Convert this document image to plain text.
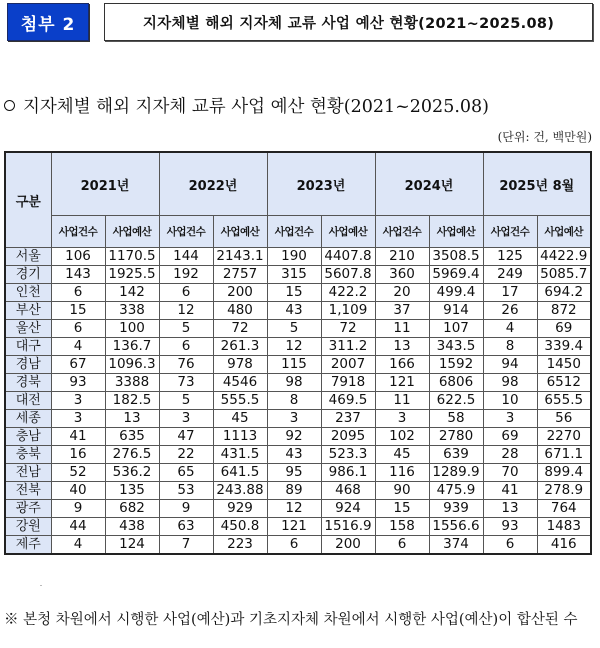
첨부 2	지자체별 해외 지자체 교류 사업 예산 현황(2021~2025.08)
지자체별 해외 지자체 교류 사업 예산 현황(2021~2025.08)
(단위: 건, 백만원)
구분	2021년		2022년		2023년		2024년		2025년 8월	
	사업건수	사업예산	사업건수	사업예산	사업건수	사업예산	사업건수	사업예산	사업건수	사업예산
서울	106	1170.5	144	2143.1	190	4407.8	210	3508.5	125	4422.9
경기	143	1925.5	192	2757	315	5607.8	360	5969.4	249	5085.7
인천	6	142	6	200	15	422.2	20	499.4	17	694.2
부산	15	338	12	480	43	1,109	37	914	26	872
울산	6	100	5	72	5	72	11	107	4	69
대구	4	136.7	6	261.3	12	311.2	13	343.5	8	339.4
경남	67	1096.3	76	978	115	2007	166	1592	94	1450
경북	93	3388	73	4546	98	7918	121	6806	98	6512
대전	3	182.5	5	555.5	8	469.5	11	622.5	10	655.5
세종	3	13	3	45	3	237	3	58	3	56
충남	41	635	47	1113	92	2095	102	2780	69	2270
충북	16	276.5	22	431.5	43	523.3	45	639	28	671.1
전남	52	536.2	65	641.5	95	986.1	116	1289.9	70	899.4
전북	40	135	53	243.88	89	468	90	475.9	41	278.9
광주	9	682	9	929	12	924	15	939	13	764
강원	44	438	63	450.8	121	1516.9	158	1556.6	93	1483
제주	4	124	7	223	6	200	6	374	6	416
※ 본청 차원에서 시행한 사업(예산)과 기초지자체 차원에서 시행한 사업(예산)이 합산된 수
